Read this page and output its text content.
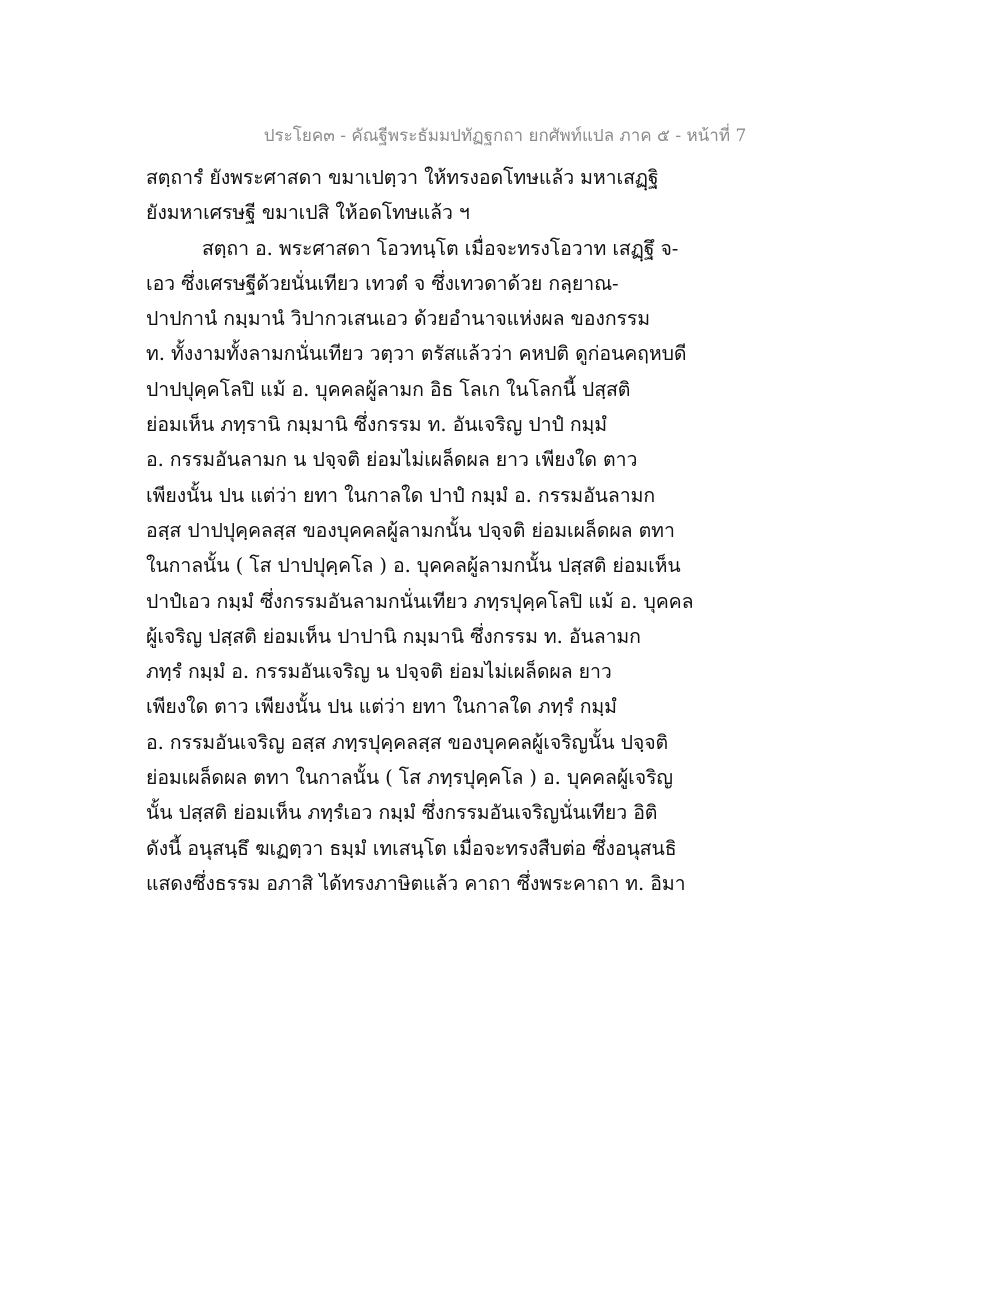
ประโยค๓ - คัณฐีพระธัมมปทัฏฐกถา ยกศัพท์แปล ภาค ๕ - หน้าที่ 7
สตฺถารํ ยังพระศาสดา ขมาเปตฺวา ให้ทรงอดโทษแล้ว มหาเสฏฺฐิ
ยังมหาเศรษฐี ขมาเปสิ ให้อดโทษแล้ว ฯ
สตฺถา อ. พระศาสดา โอวทนฺโต เมื่อจะทรงโอวาท เสฏฺฐึ จ-
เอว ซึ่งเศรษฐีด้วยนั่นเทียว เทวตํ จ ซึ่งเทวดาด้วย กลฺยาณ-
ปาปกานํ กมฺมานํ วิปากวเสนเอว ด้วยอำนาจแห่งผล ของกรรม
ท. ทั้งงามทั้งลามกนั่นเทียว วตฺวา ตรัสแล้วว่า คหปติ ดูก่อนคฤหบดี
ปาปปุคฺคโลปิ แม้ อ. บุคคลผู้ลามก อิธ โลเก ในโลกนี้ ปสฺสติ
ย่อมเห็น ภทฺรานิ กมฺมานิ ซึ่งกรรม ท. อันเจริญ ปาปํ กมฺมํ
อ. กรรมอันลามก น ปจฺจติ ย่อมไม่เผล็ดผล ยาว เพียงใด ตาว
เพียงนั้น ปน แต่ว่า ยทา ในกาลใด ปาปํ กมฺมํ อ. กรรมอันลามก
อสฺส ปาปปุคฺคลสฺส ของบุคคลผู้ลามกนั้น ปจฺจติ ย่อมเผล็ดผล ตทา
ในกาลนั้น ( โส ปาปปุคฺคโล ) อ. บุคคลผู้ลามกนั้น ปสฺสติ ย่อมเห็น
ปาปํเอว กมฺมํ ซึ่งกรรมอันลามกนั่นเทียว ภทฺรปุคฺคโลปิ แม้ อ. บุคคล
ผู้เจริญ ปสฺสติ ย่อมเห็น ปาปานิ กมฺมานิ ซึ่งกรรม ท. อันลามก
ภทฺรํ กมฺมํ อ. กรรมอันเจริญ น ปจฺจติ ย่อมไม่เผล็ดผล ยาว
เพียงใด ตาว เพียงนั้น ปน แต่ว่า ยทา ในกาลใด ภทฺรํ กมฺมํ
อ. กรรมอันเจริญ อสฺส ภทฺรปุคฺคลสฺส ของบุคคลผู้เจริญนั้น ปจฺจติ
ย่อมเผล็ดผล ตทา ในกาลนั้น ( โส ภทฺรปุคฺคโล ) อ. บุคคลผู้เจริญ
นั้น ปสฺสติ ย่อมเห็น ภทฺรํเอว กมฺมํ ซึ่งกรรมอันเจริญนั่นเทียว อิติ
ดังนี้ อนุสนฺธึ ฆเฏตฺวา ธมฺมํ เทเสนฺโต เมื่อจะทรงสืบต่อ ซึ่งอนุสนธิ
แสดงซึ่งธรรม อภาสิ ได้ทรงภาษิตแล้ว คาถา ซึ่งพระคาถา ท. อิมา
